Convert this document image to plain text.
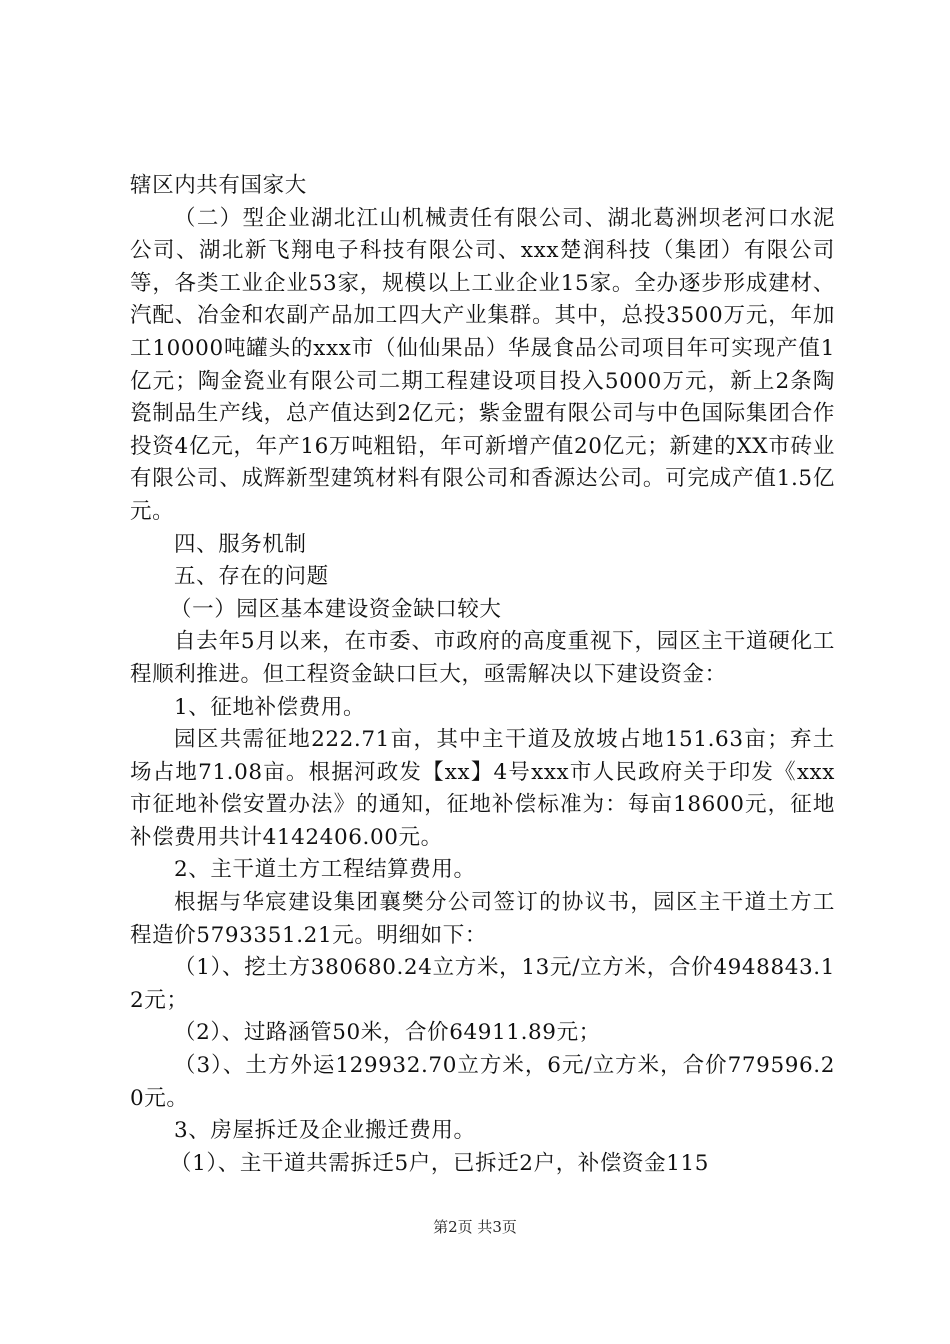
辖区内共有国家大

（二）型企业湖北江山机械责任有限公司、湖北葛洲坝老河口水泥公司、湖北新飞翔电子科技有限公司、xxx楚润科技（集团）有限公司等，各类工业企业53家，规模以上工业企业15家。全办逐步形成建材、汽配、冶金和农副产品加工四大产业集群。其中，总投3500万元，年加工10000吨罐头的xxx市（仙仙果品）华晟食品公司项目年可实现产值1亿元；陶金瓷业有限公司二期工程建设项目投入5000万元，新上2条陶瓷制品生产线，总产值达到2亿元；紫金盟有限公司与中色国际集团合作投资4亿元，年产16万吨粗铅，年可新增产值20亿元；新建的XX市砖业有限公司、成辉新型建筑材料有限公司和香源达公司。可完成产值1.5亿元。

四、服务机制

五、存在的问题

（一）园区基本建设资金缺口较大

自去年5月以来，在市委、市政府的高度重视下，园区主干道硬化工程顺利推进。但工程资金缺口巨大，亟需解决以下建设资金：

1、征地补偿费用。

园区共需征地222.71亩，其中主干道及放坡占地151.63亩；弃土场占地71.08亩。根据河政发【xx】4号xxx市人民政府关于印发《xxx市征地补偿安置办法》的通知，征地补偿标准为：每亩18600元，征地补偿费用共计4142406.00元。

2、主干道土方工程结算费用。

根据与华宸建设集团襄樊分公司签订的协议书，园区主干道土方工程造价5793351.21元。明细如下：

（1）、挖土方380680.24立方米，13元/立方米，合价4948843.12元；

（2）、过路涵管50米，合价64911.89元；

（3）、土方外运129932.70立方米，6元/立方米，合价779596.20元。

3、房屋拆迁及企业搬迁费用。

（1）、主干道共需拆迁5户，已拆迁2户，补偿资金115

第2页 共3页
